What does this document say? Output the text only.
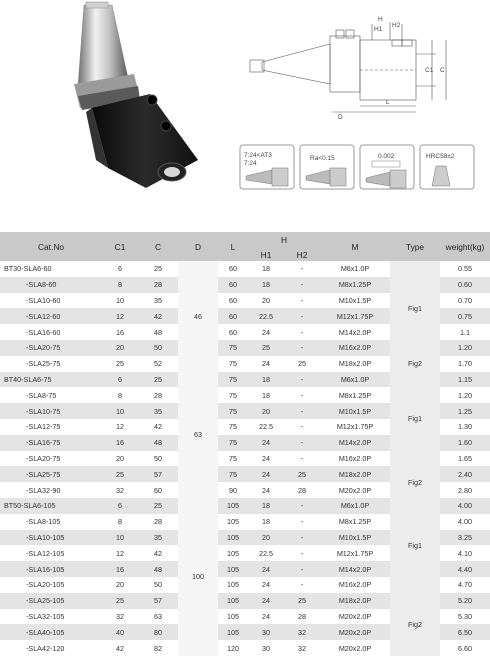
H1
H2
H
C1 C
D
L
7:24<AT3
7:24
Ra<0.15	0.002	HRC58±2
Cat.No	C1	C	D	L	H		M	Type	weight(kg)
					H1	H2			
BT30-SLA6-60	6	25	46	60	18	-	M6x1.0P	Fig1	0.55
-SLA8-60	8	28		60	18	-	M8x1.25P		0.60
-SLA10-60	10	35		60	20	-	M10x1.5P		0.70
-SLA12-60	12	42		60	22.5	-	M12x1.75P		0.75
-SLA16-60	16	48		60	24	-	M14x2.0P		1.1
-SLA20-75	20	50		75	25	-	M16x2.0P		1.20
-SLA25-75	25	52		75	24	25	M18x2.0P	Fig2	1.70
BT40-SLA6-75	6	25	63	75	18	-	M6x1.0P	Fig1	1.15
-SLA8-75	8	28		75	18	-	M8x1.25P		1.20
-SLA10-75	10	35		75	20	-	M10x1.5P		1.25
-SLA12-75	12	42		75	22.5	-	M12x1.75P		1.30
-SLA16-75	16	48		75	24	-	M14x2.0P		1.60
-SLA20-75	20	50		75	24	-	M16x2.0P		1.65
-SLA25-75	25	57		75	24	25	M18x2.0P	Fig2	2.40
-SLA32-90	32	60		90	24	28	M20x2.0P		2.80
BT50-SLA6-105	6	25	100	105	18	-	M6x1.0P	Fig1	4.00
-SLA8-105	8	28		105	18	-	M8x1.25P		4.00
-SLA10-105	10	35		105	20	-	M10x1.5P		3.25
-SLA12-105	12	42		105	22.5	-	M12x1.75P		4.10
-SLA16-105	16	48		105	24	-	M14x2.0P		4.40
-SLA20-105	20	50		105	24	-	M16x2.0P		4.70
-SLA25-105	25	57		105	24	25	M18x2.0P	Fig2	5.20
-SLA32-105	32	63		105	24	28	M20x2.0P		5.30
-SLA40-105	40	80		105	30	32	M20x2.0P		6.50
-SLA42-120	42	82		120	30	32	M20x2.0P		6.60
